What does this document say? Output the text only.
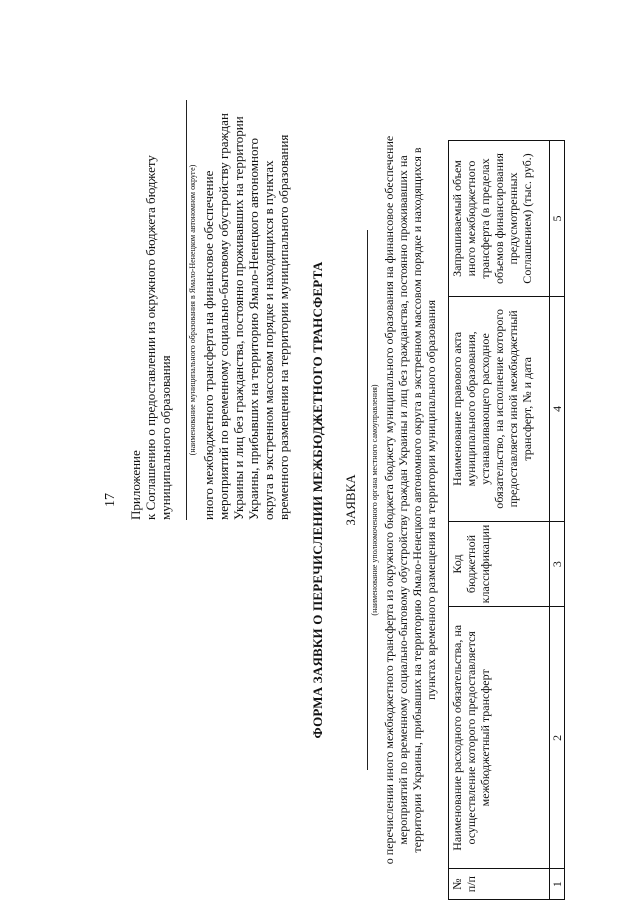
17 Приложение к Соглашению о предоставлении из окружного бюджета бюджету муниципального образования (наименование муниципального образования в Ямало-Ненецком автономном округе) иного межбюджетного трансферта на финансовое обеспечение мероприятий по временному социально-бытовому обустройству граждан Украины и лиц без гражданства, постоянно проживавших на территории Украины, прибывших на территорию Ямало-Ненецкого автономного округа в экстренном массовом порядке и находящихся в пунктах временного размещения на территории муниципального образования ФОРМА ЗАЯВКИ О ПЕРЕЧИСЛЕНИИ МЕЖБЮДЖЕТНОГО ТРАНСФЕРТА ЗАЯВКА (наименование уполномоченного органа местного самоуправления) о перечислении иного межбюджетного трансферта из окружного бюджета бюджету муниципального образования на финансовое обеспечение мероприятий по временному социально-бытовому обустройству граждан Украины и лиц без гражданства, постоянно проживавших на территории Украины, прибывших на территорию Ямало-Ненецкого автономного округа в экстренном массовом порядке и находящихся в пунктах временного размещения на территории муниципального образования
№ п/п	Наименование расходного обязательства, на осуществление которого предоставляется межбюджетный трансферт	Код бюджетной классификации	Наименование правового акта муниципального образования, устанавливающего расходное обязательство, на исполнение которого предоставляется иной межбюджетный трансферт, № и дата	Запрашиваемый объем иного межбюджетного трансферта (в пределах объемов финансирования предусмотренных Соглашением) (тыс. руб.)
1	2	3	4	5
